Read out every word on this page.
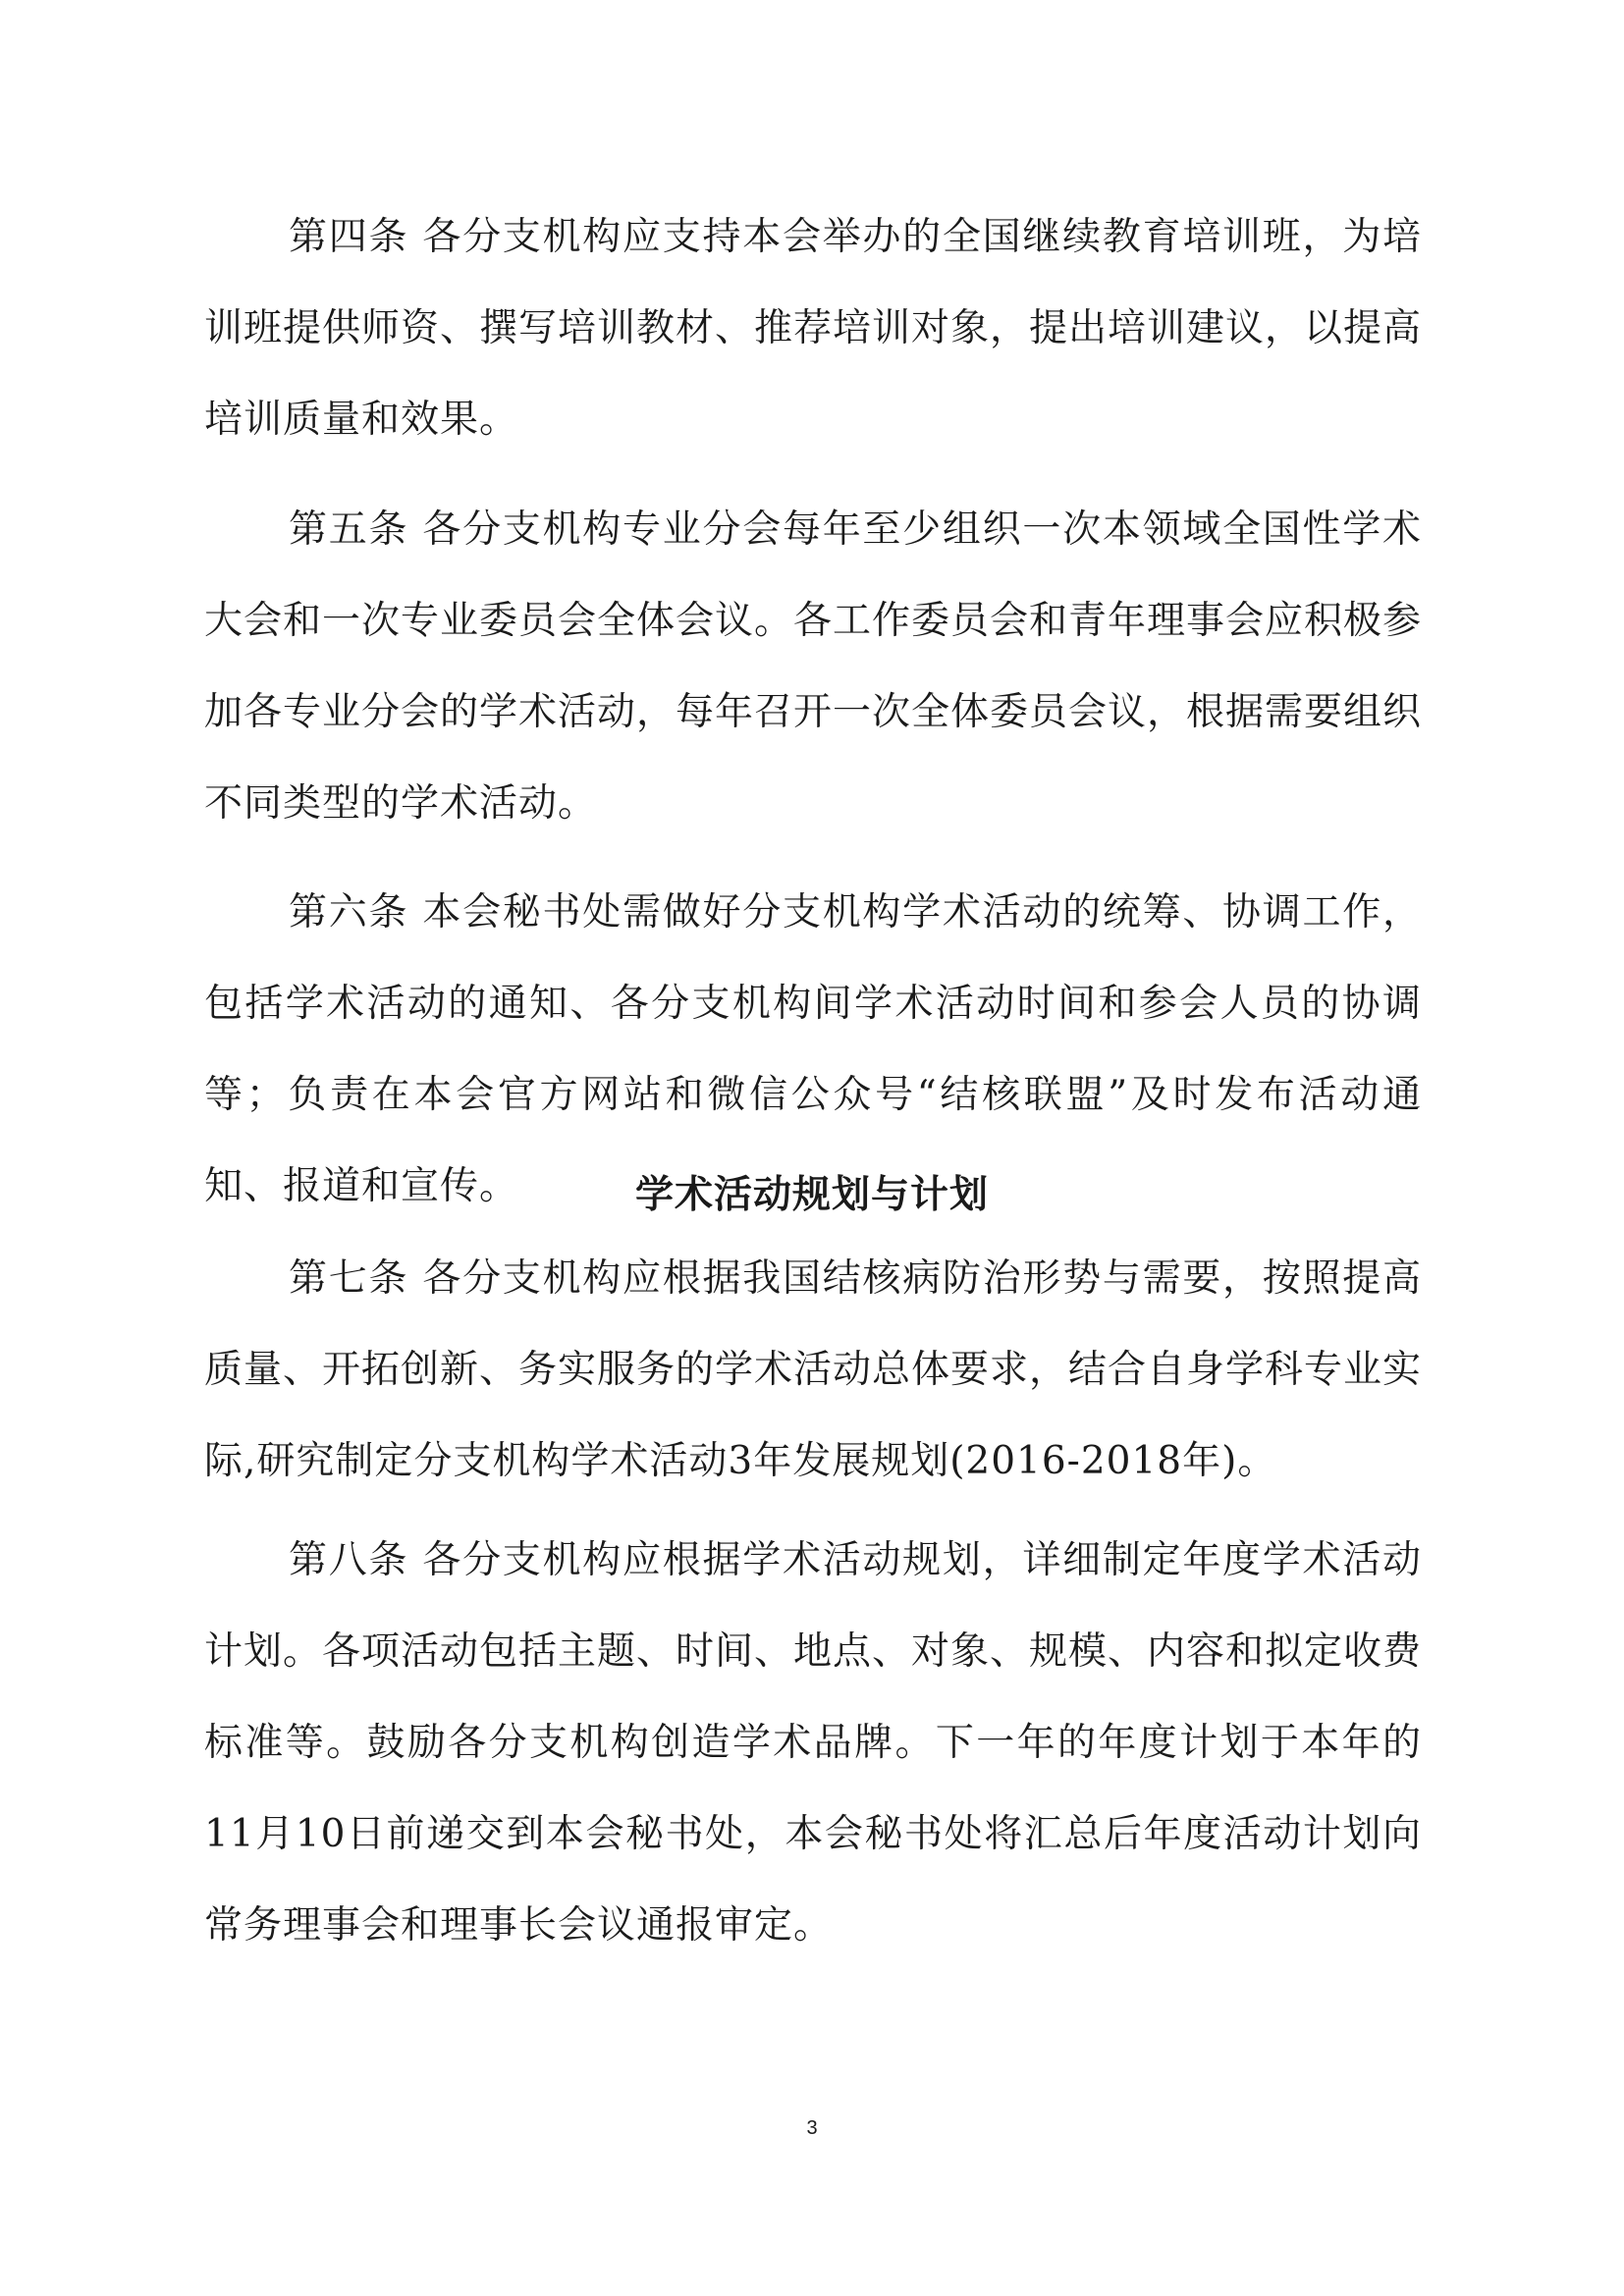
第四条 各分支机构应支持本会举办的全国继续教育培训班，为培训班提供师资、撰写培训教材、推荐培训对象，提出培训建议，以提高培训质量和效果。

第五条 各分支机构专业分会每年至少组织一次本领域全国性学术大会和一次专业委员会全体会议。各工作委员会和青年理事会应积极参加各专业分会的学术活动，每年召开一次全体委员会议，根据需要组织不同类型的学术活动。

第六条 本会秘书处需做好分支机构学术活动的统筹、协调工作，包括学术活动的通知、各分支机构间学术活动时间和参会人员的协调等；负责在本会官方网站和微信公众号“结核联盟”及时发布活动通知、报道和宣传。	学术活动规划与计划

第七条 各分支机构应根据我国结核病防治形势与需要，按照提高质量、开拓创新、务实服务的学术活动总体要求，结合自身学科专业实际,研究制定分支机构学术活动3年发展规划(2016-2018年)。

第八条 各分支机构应根据学术活动规划，详细制定年度学术活动计划。各项活动包括主题、时间、地点、对象、规模、内容和拟定收费标准等。鼓励各分支机构创造学术品牌。下一年的年度计划于本年的11月10日前递交到本会秘书处，本会秘书处将汇总后年度活动计划向常务理事会和理事长会议通报审定。

3
